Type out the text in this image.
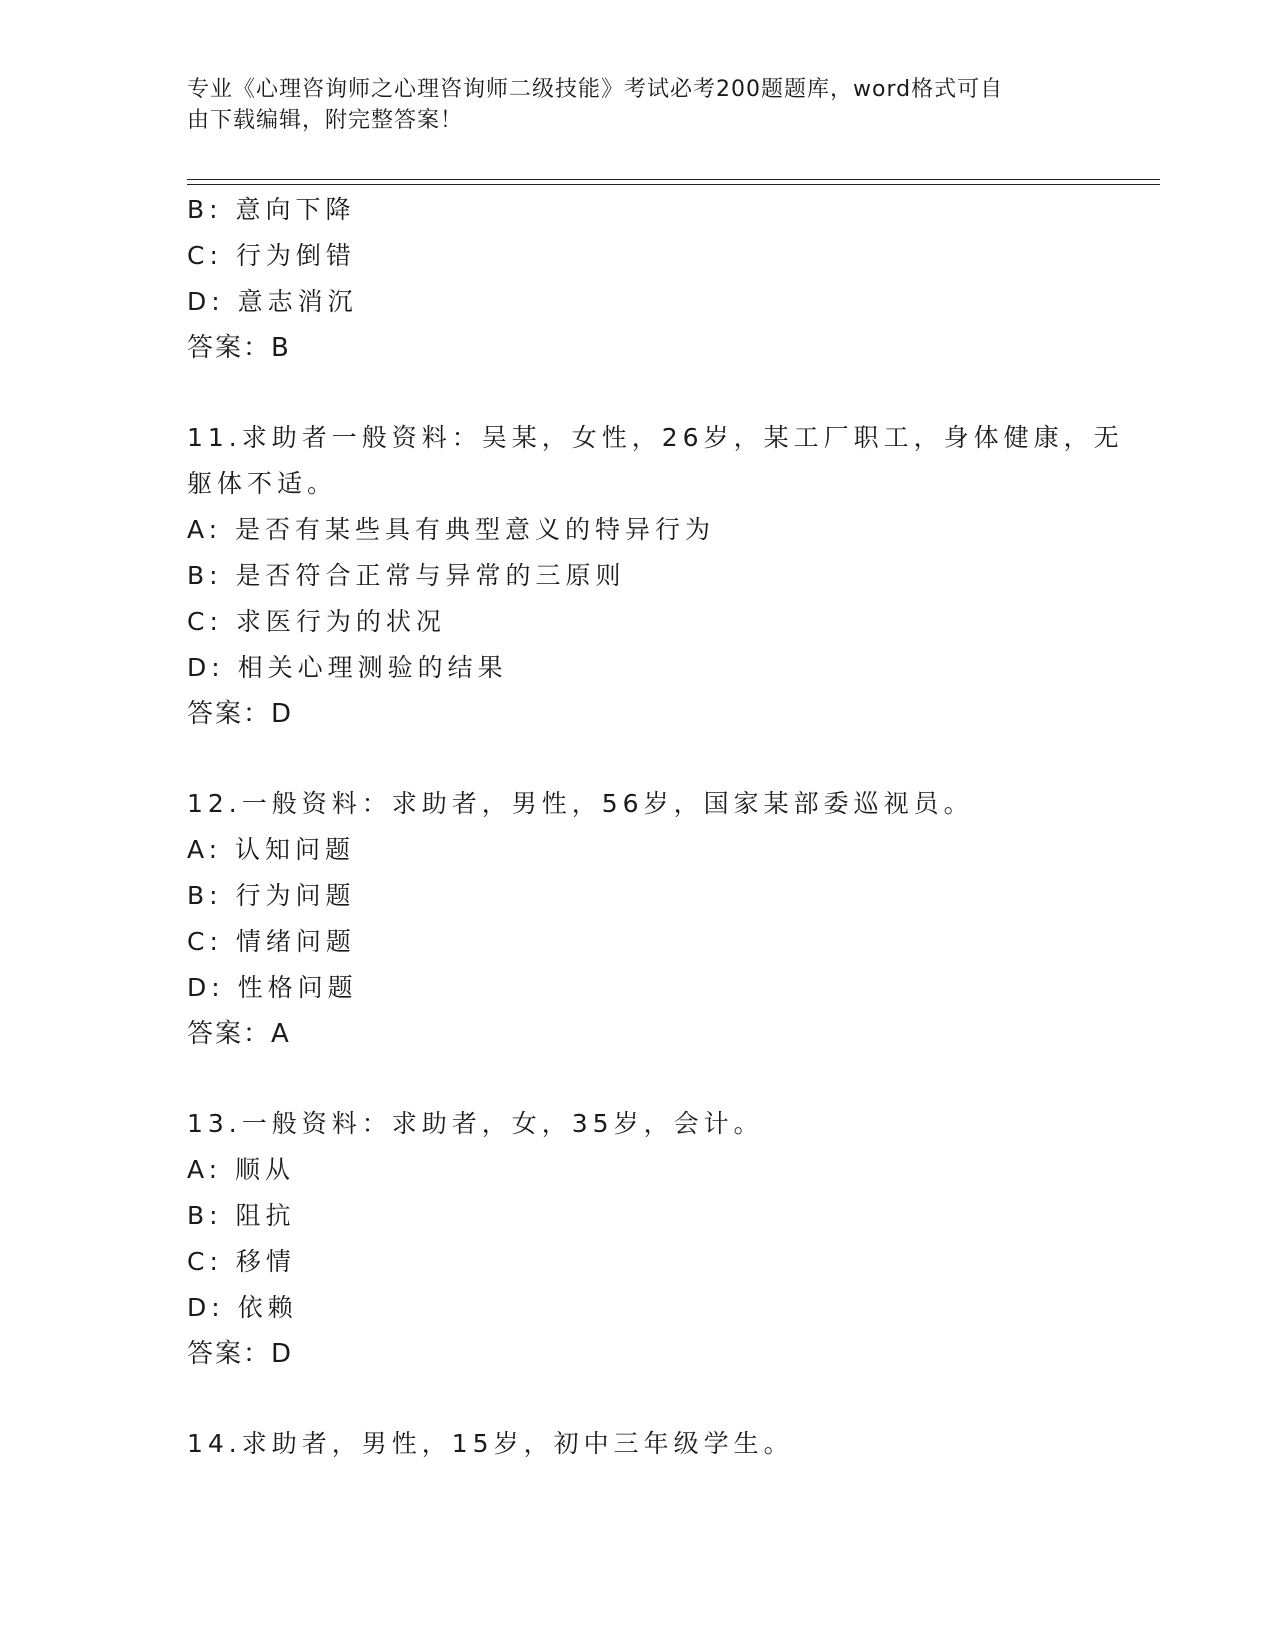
专业《心理咨询师之心理咨询师二级技能》考试必考200题题库，word格式可自
由下载编辑，附完整答案！
B: 意向下降
C: 行为倒错
D: 意志消沉
答案：B
11.求助者一般资料：吴某，女性，26岁，某工厂职工，身体健康，无
躯体不适。
A: 是否有某些具有典型意义的特异行为
B: 是否符合正常与异常的三原则
C: 求医行为的状况
D: 相关心理测验的结果
答案：D
12.一般资料：求助者，男性，56岁，国家某部委巡视员。
A: 认知问题
B: 行为问题
C: 情绪问题
D: 性格问题
答案：A
13.一般资料：求助者，女，35岁，会计。
A: 顺从
B: 阻抗
C: 移情
D: 依赖
答案：D
14.求助者，男性，15岁，初中三年级学生。
